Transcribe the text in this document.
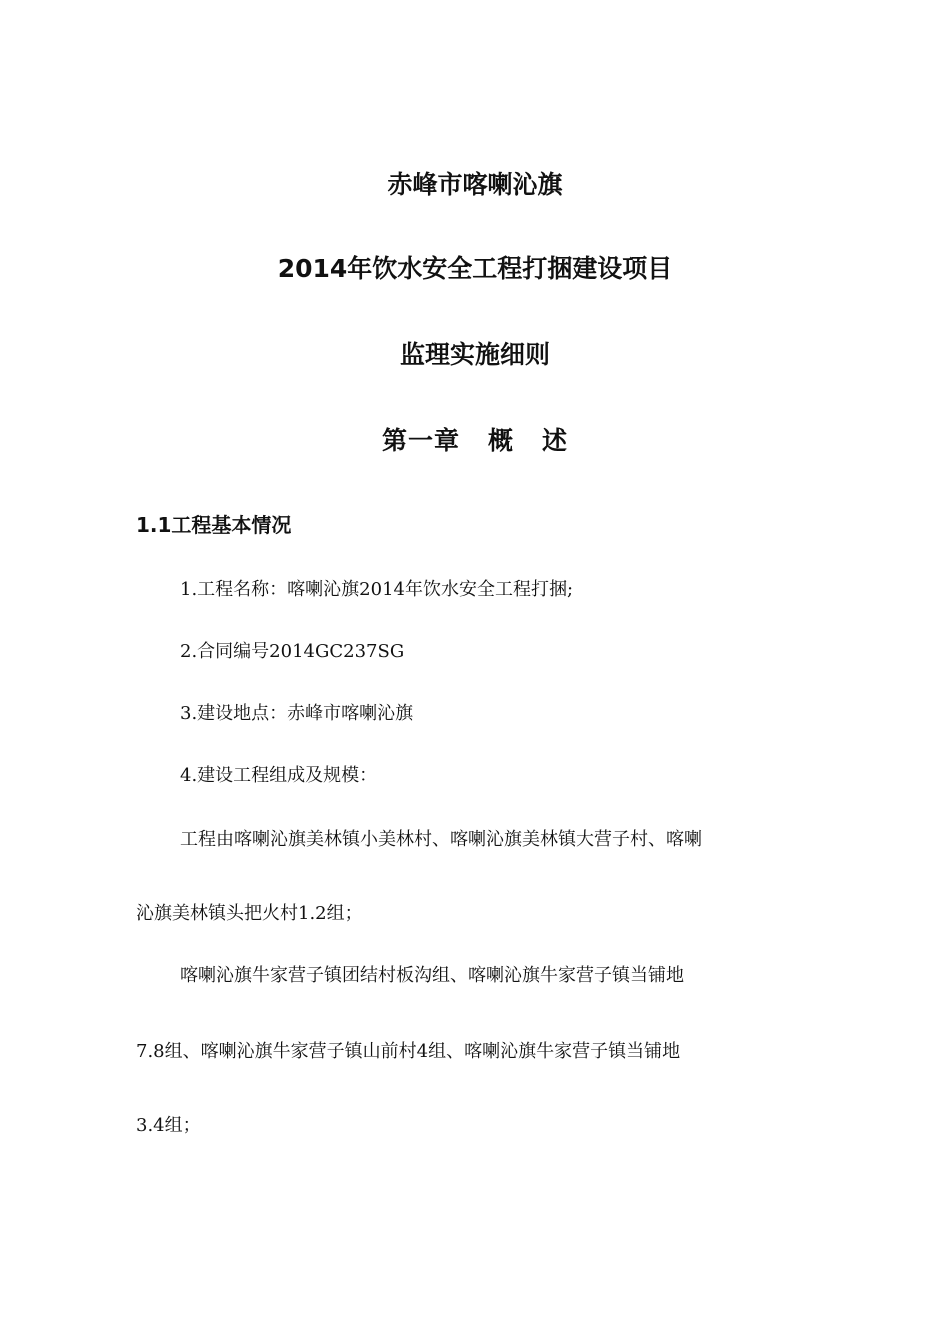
赤峰市喀喇沁旗
2014年饮水安全工程打捆建设项目
监理实施细则
第一章 概 述
1.1工程基本情况
1.工程名称：喀喇沁旗2014年饮水安全工程打捆;
2.合同编号2014GC237SG
3.建设地点：赤峰市喀喇沁旗
4.建设工程组成及规模：
工程由喀喇沁旗美林镇小美林村、喀喇沁旗美林镇大营子村、喀喇
沁旗美林镇头把火村1.2组；
喀喇沁旗牛家营子镇团结村板沟组、喀喇沁旗牛家营子镇当铺地
7.8组、喀喇沁旗牛家营子镇山前村4组、喀喇沁旗牛家营子镇当铺地
3.4组；
